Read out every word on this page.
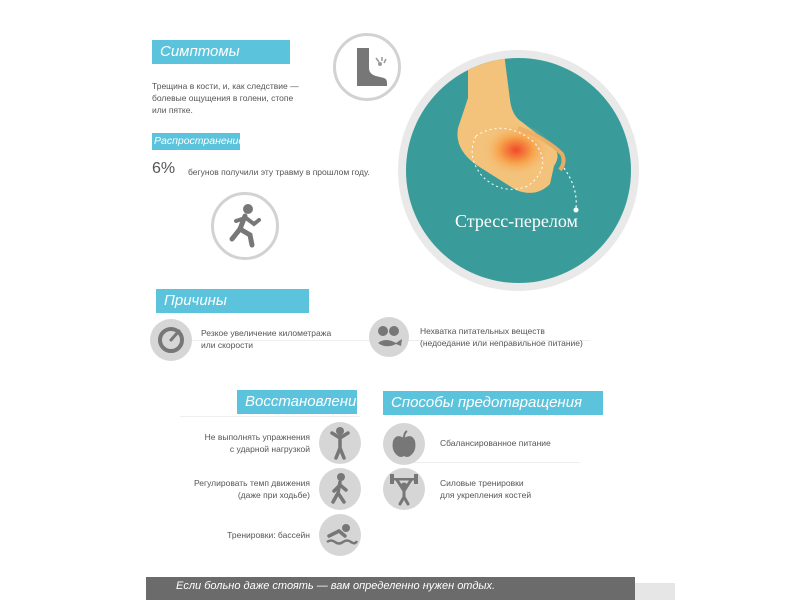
Симптомы
Трещина в кости, и, как следствие —
болевые ощущения в голени, стопе
или пятке.
Распространение
6% бегунов получили эту травму в прошлом году.
Стресс-перелом
Причины
Резкое увеличение километража
или скорости
Нехватка питательных веществ
(недоедание или неправильное питание)
Восстановление
Не выполнять упражнения
с ударной нагрузкой
Регулировать темп движения
(даже при ходьбе)
Тренировки: бассейн
Способы предотвращения
Сбалансированное питание
Силовые тренировки
для укрепления костей
Если больно даже стоять — вам определенно нужен отдых.
